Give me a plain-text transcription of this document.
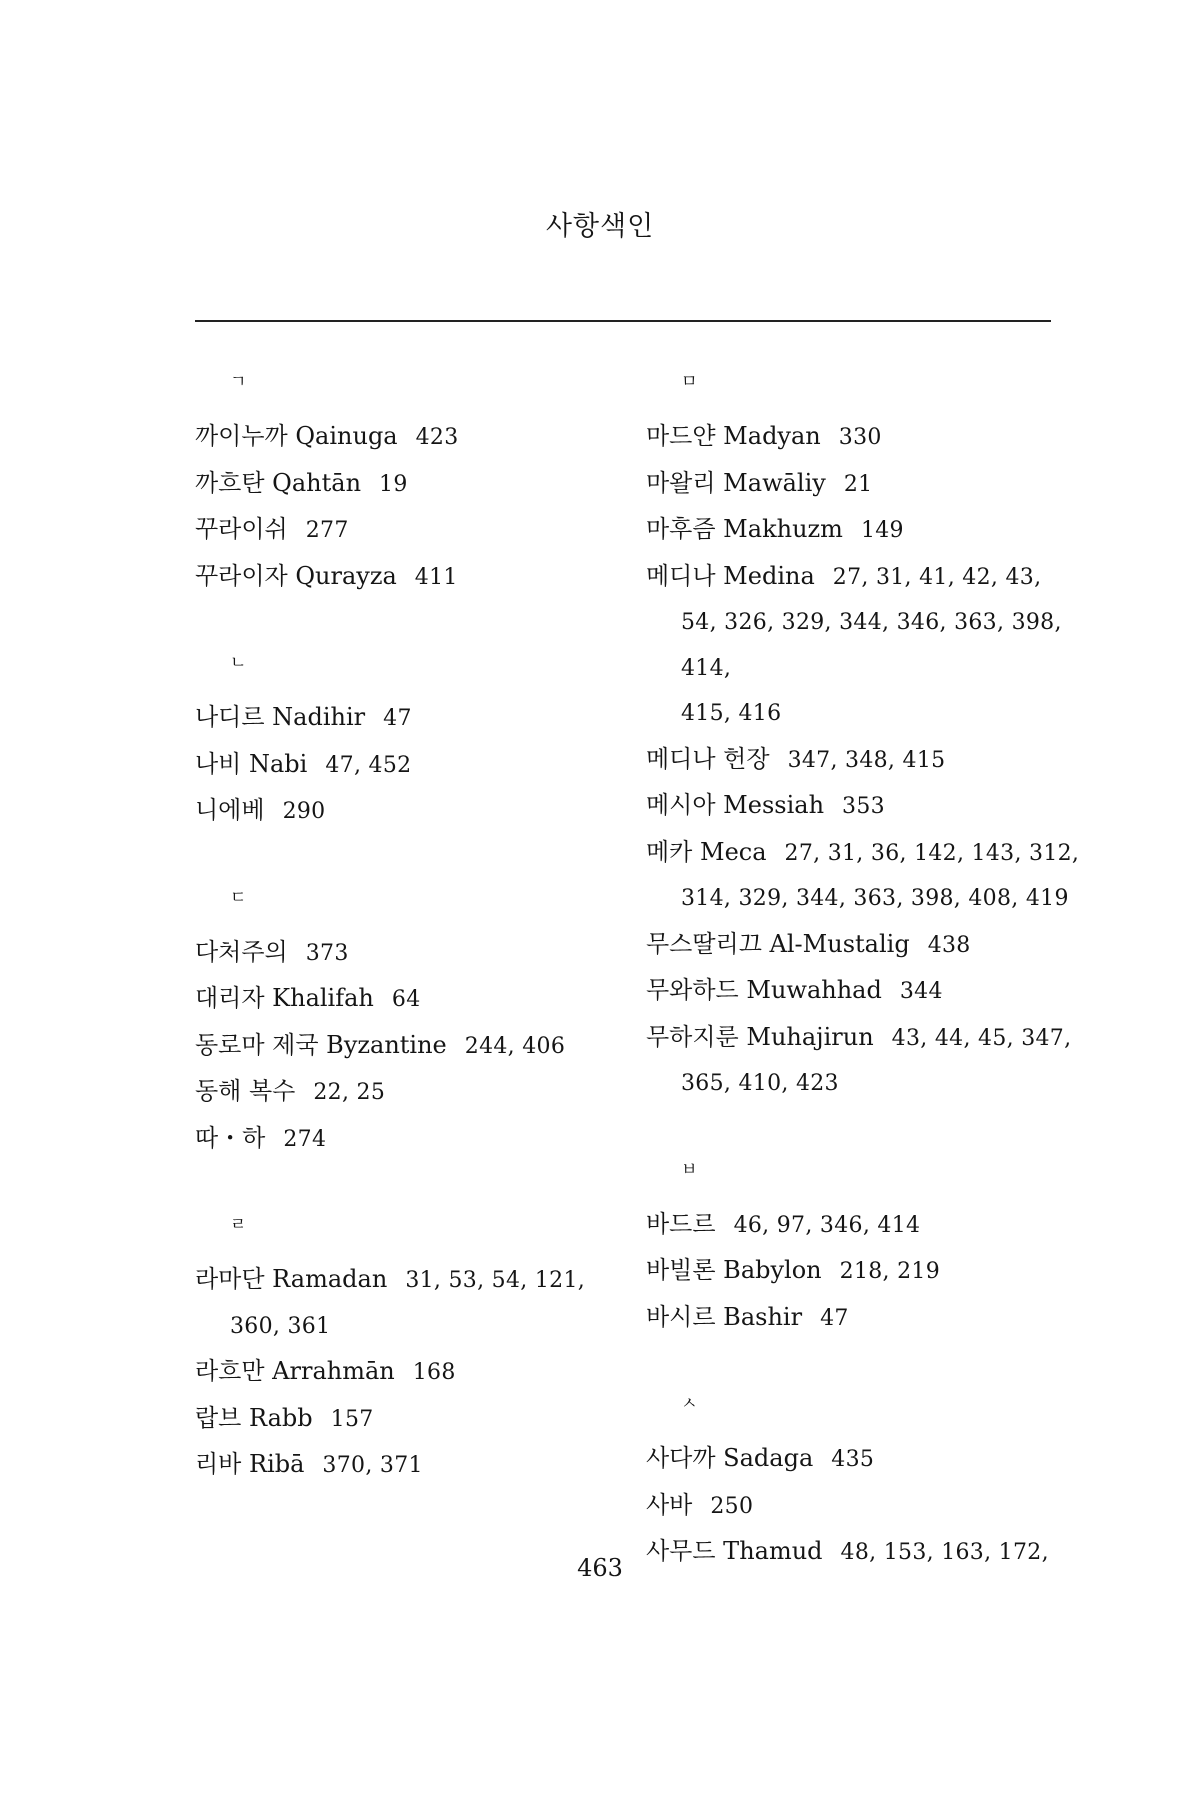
사항색인
ㄱ
까이누까 Qainuga 423
까흐탄 Qahtān 19
꾸라이쉬 277
꾸라이자 Qurayza 411
ㄴ
나디르 Nadihir 47
나비 Nabi 47, 452
니에베 290
ㄷ
다처주의 373
대리자 Khalifah 64
동로마 제국 Byzantine 244, 406
동해 복수 22, 25
따・하 274
ㄹ
라마단 Ramadan 31, 53, 54, 121,
360, 361
라흐만 Arrahmān 168
랍브 Rabb 157
리바 Ribā 370, 371
ㅁ
마드얀 Madyan 330
마왈리 Mawāliy 21
마후즘 Makhuzm 149
메디나 Medina 27, 31, 41, 42, 43,
54, 326, 329, 344, 346, 363, 398, 414,
415, 416
메디나 헌장 347, 348, 415
메시아 Messiah 353
메카 Meca 27, 31, 36, 142, 143, 312,
314, 329, 344, 363, 398, 408, 419
무스딸리끄 Al-Mustalig 438
무와하드 Muwahhad 344
무하지룬 Muhajirun 43, 44, 45, 347,
365, 410, 423
ㅂ
바드르 46, 97, 346, 414
바빌론 Babylon 218, 219
바시르 Bashir 47
ㅅ
사다까 Sadaga 435
사바 250
사무드 Thamud 48, 153, 163, 172,
463
